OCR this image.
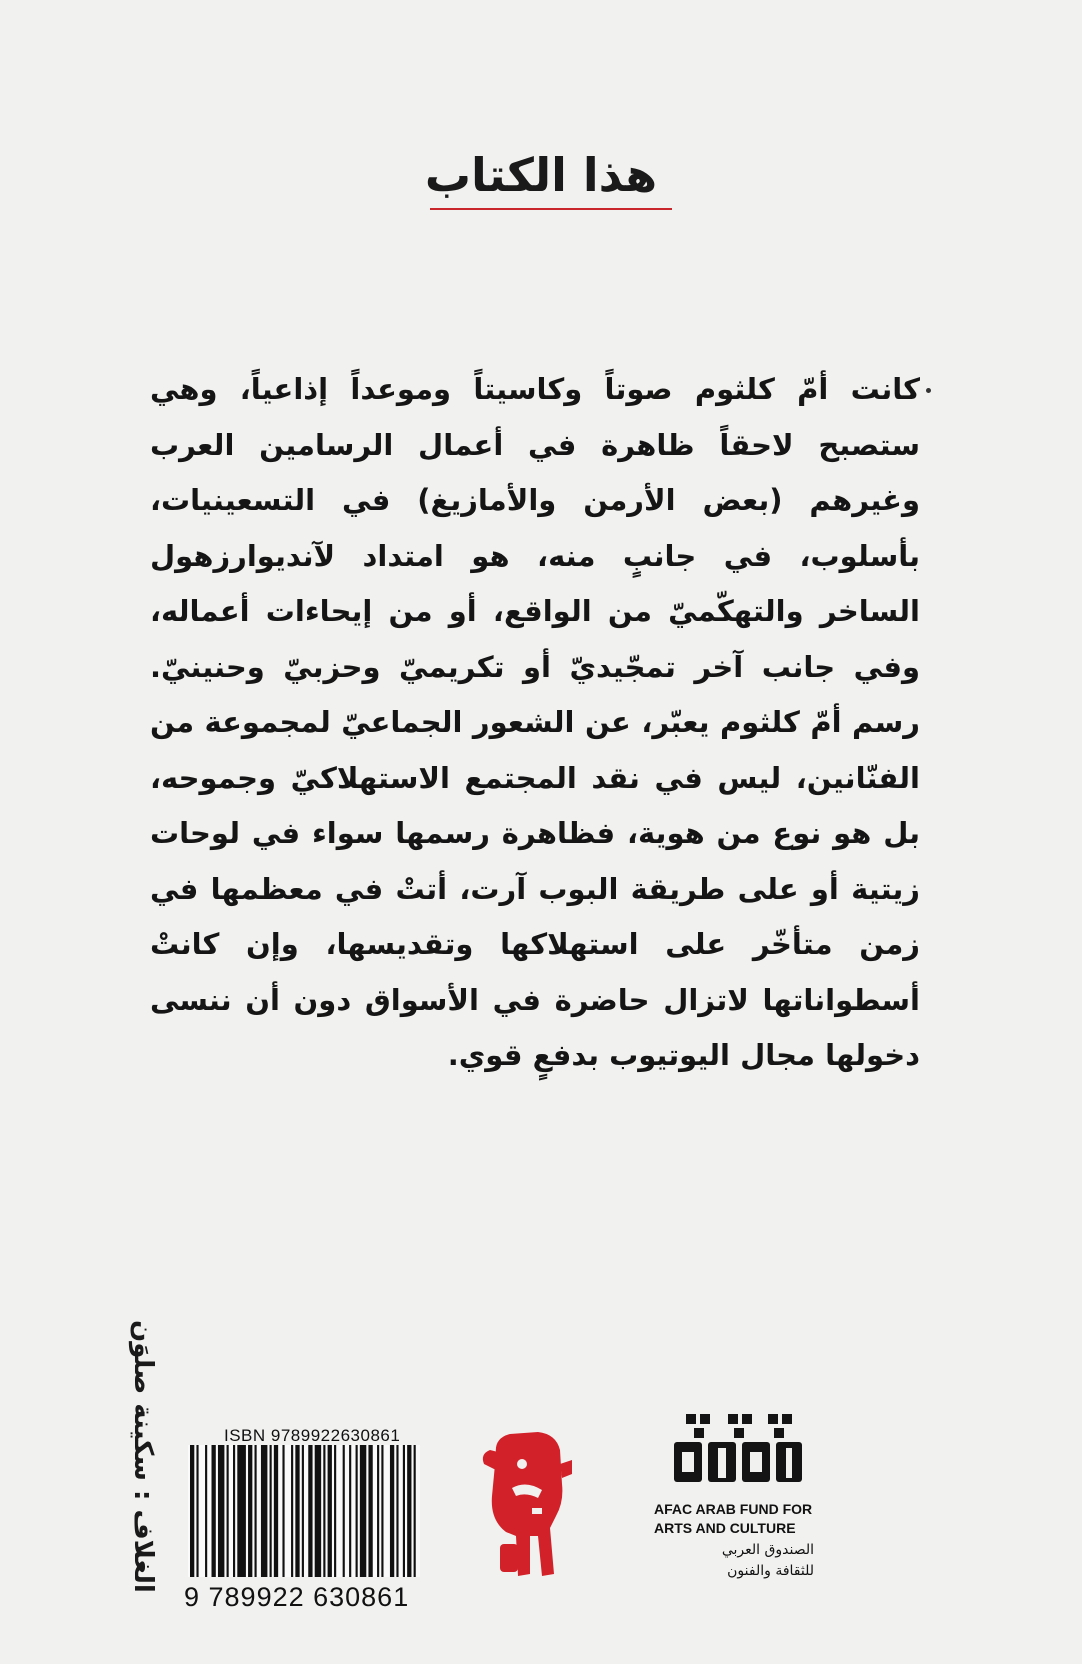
هذا الكتاب

كانت أمّ كلثوم صوتاً وكاسيتاً وموعداً إذاعياً، وهي ستصبح لاحقاً ظاهرة في أعمال الرسامين العرب وغيرهم (بعض الأرمن والأمازيغ) في التسعينيات، بأسلوب، في جانبٍ منه، هو امتداد لآنديوارزهول الساخر والتهكّميّ من الواقع، أو من إيحاءات أعماله، وفي جانب آخر تمجّيديّ أو تكريميّ وحزبيّ وحنينيّ. رسم أمّ كلثوم يعبّر، عن الشعور الجماعيّ لمجموعة من الفنّانين، ليس في نقد المجتمع الاستهلاكيّ وجموحه، بل هو نوع من هوية، فظاهرة رسمها سواء في لوحات زيتية أو على طريقة البوب آرت، أتتْ في معظمها في زمن متأخّر على استهلاكها وتقديسها، وإن كانتْ أسطواناتها لاتزال حاضرة في الأسواق دون أن ننسى دخولها مجال اليوتيوب بدفعٍ قوي.

الغلاف : سكينة صلوَن	ISBN 9789922630861
9 789922 630861
AFAC ARAB FUND FOR
ARTS AND CULTURE
الصندوق العربي
للثقافة والفنون
